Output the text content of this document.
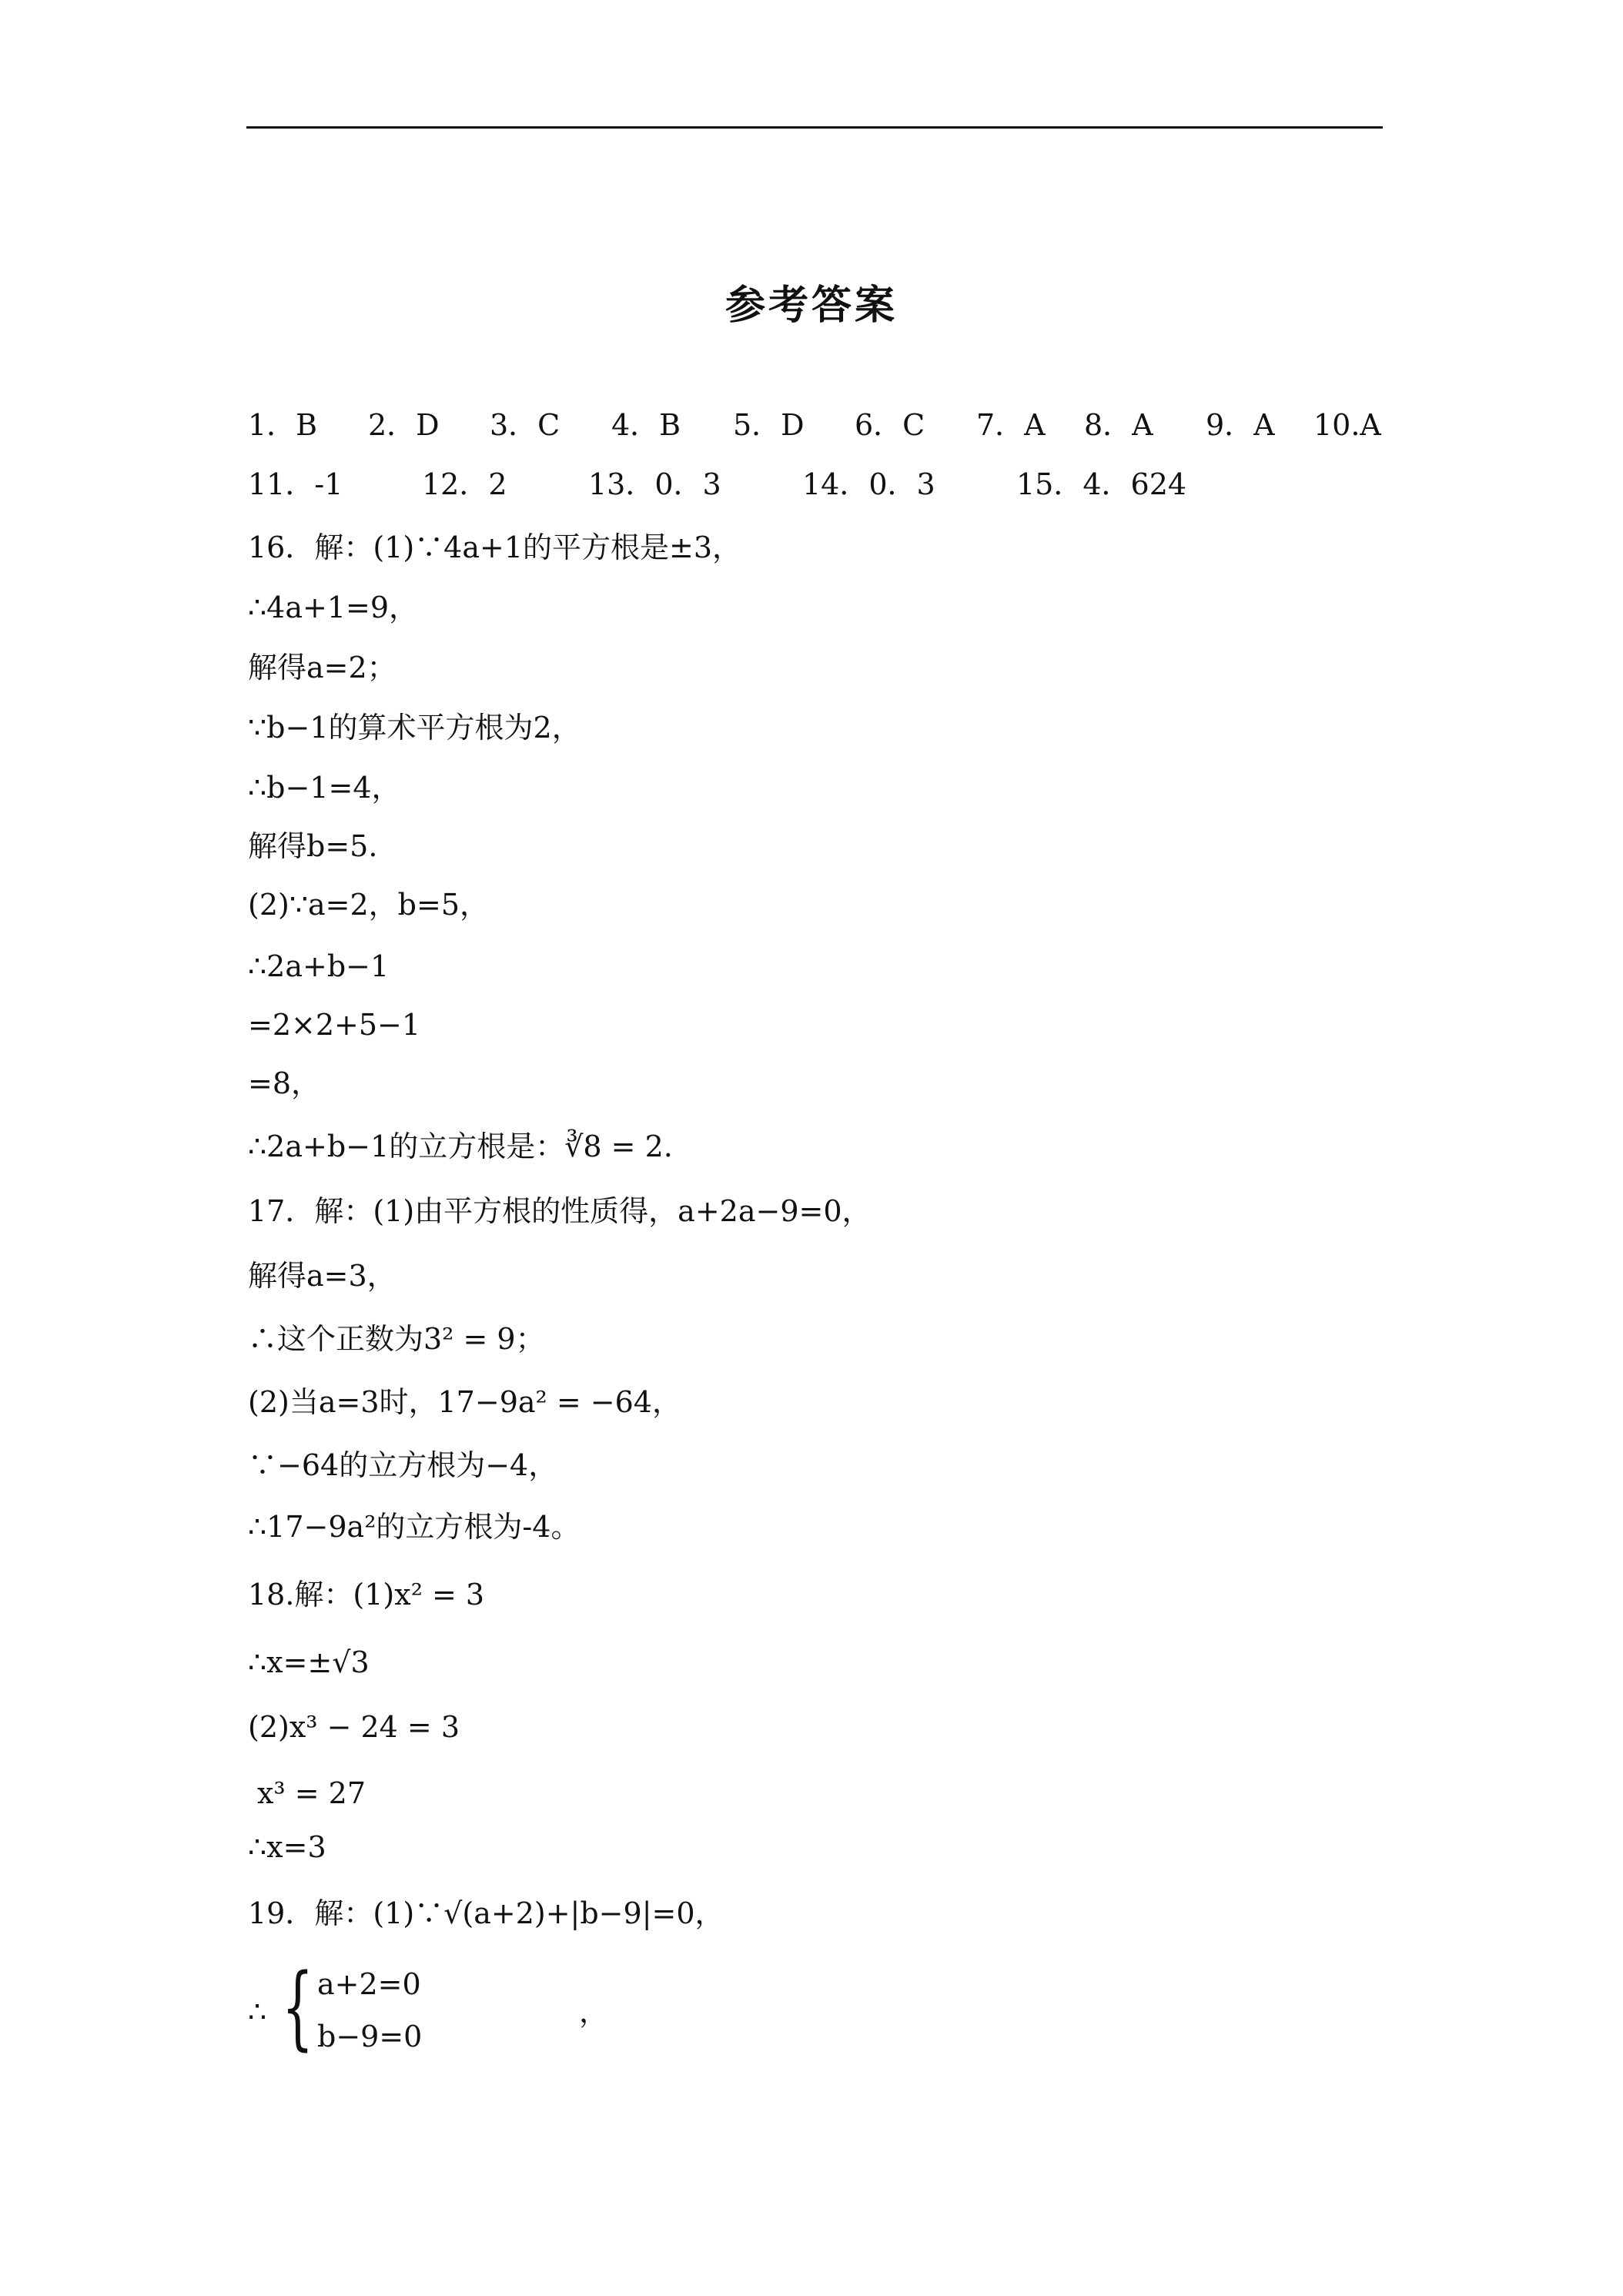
参考答案
1．B 2．D 3．C 4．B 5．D 6．C 7．A 8．A 9．A 10.A
11．-1	12．2	13．0．3	14．0．3	15．4．624
16．解：(1)∵4a+1的平方根是±3，
∴4a+1=9，
解得a=2；
∵b−1的算术平方根为2，
∴b−1=4，
解得b=5.
(2)∵a=2，b=5，
∴2a+b−1
=2×2+5−1
=8，
∴2a+b−1的立方根是：∛8 = 2.
17．解：(1)由平方根的性质得，a+2a−9=0，
解得a=3，
∴这个正数为3² = 9；
(2)当a=3时，17−9a² = −64，
∵−64的立方根为−4，
∴17−9a²的立方根为-4。
18.解：(1)x² = 3
∴x=±√3
(2)x³ − 24 = 3
x³ = 27
∴x=3
19．解：(1)∵√(a+2)+|b−9|=0，
∴ { a+2=0
b−9=0
，
